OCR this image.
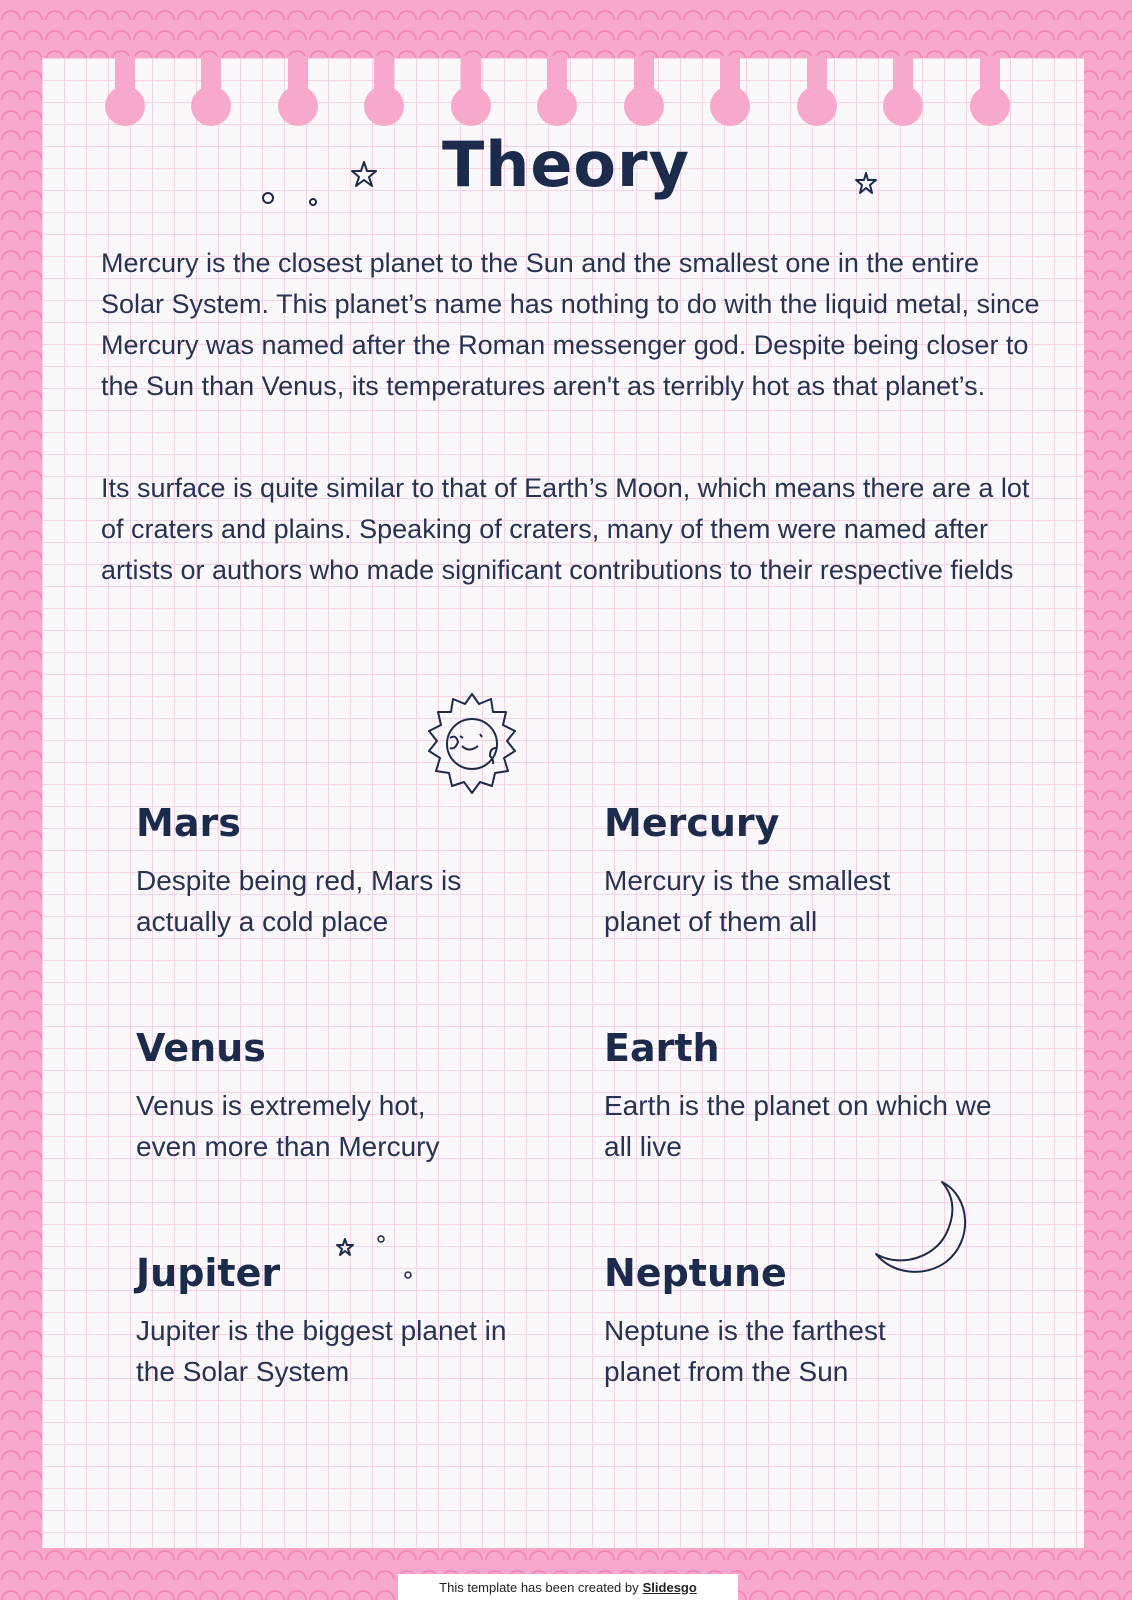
Theory

Mercury is the closest planet to the Sun and the smallest one in the entire Solar System. This planet’s name has nothing to do with the liquid metal, since Mercury was named after the Roman messenger god. Despite being closer to the Sun than Venus, its temperatures aren't as terribly hot as that planet’s.

Its surface is quite similar to that of Earth’s Moon, which means there are a lot of craters and plains. Speaking of craters, many of them were named after artists or authors who made significant contributions to their respective fields

Mars

Despite being red, Mars is actually a cold place

Mercury

Mercury is the smallest planet of them all

Venus

Venus is extremely hot, even more than Mercury

Earth

Earth is the planet on which we all live

Jupiter

Jupiter is the biggest planet in the Solar System

Neptune

Neptune is the farthest planet from the Sun

This template has been created by Slidesgo
